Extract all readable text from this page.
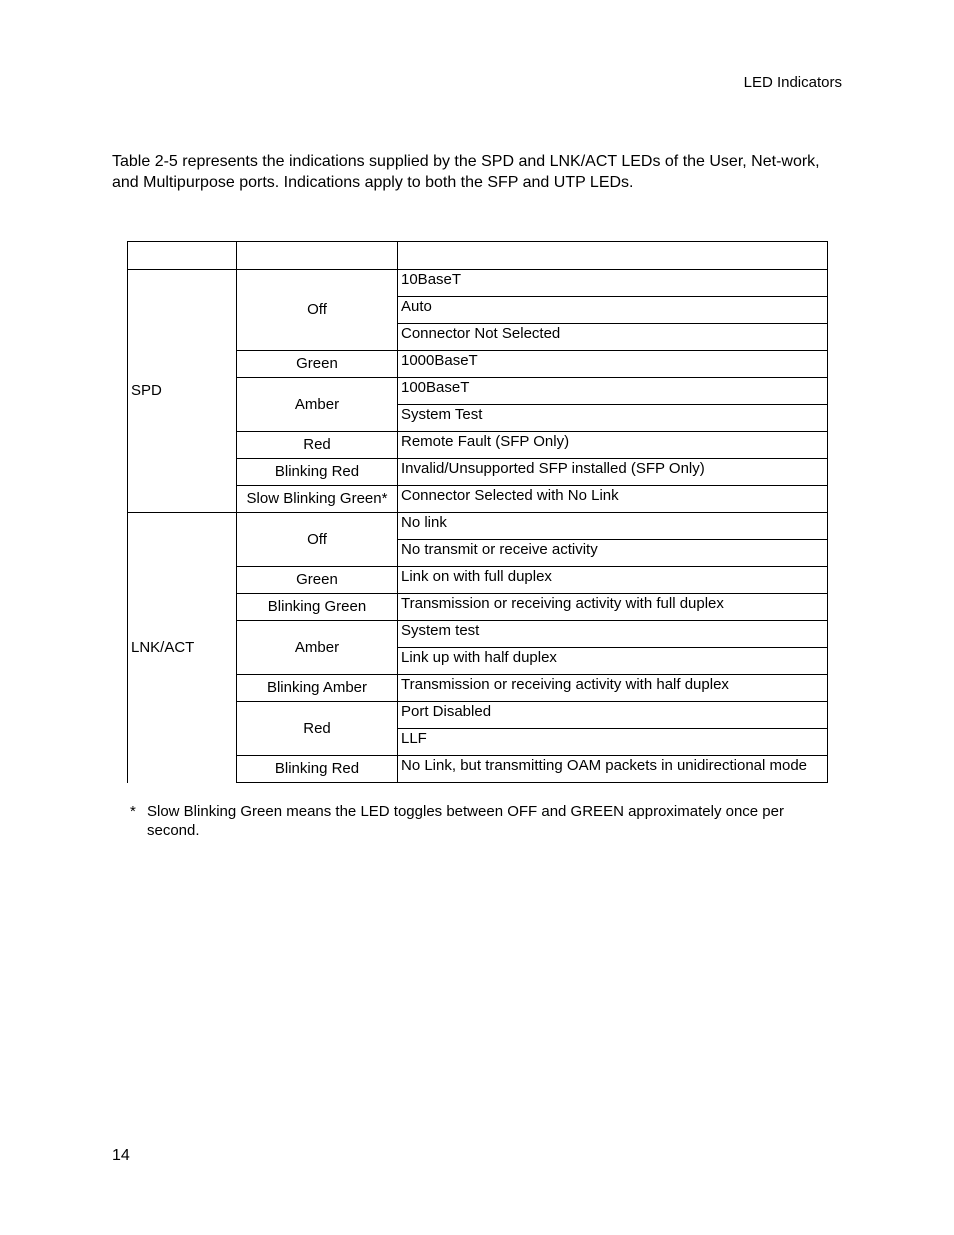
LED Indicators

Table 2-5 represents the indications supplied by the SPD and LNK/ACT LEDs of the User, Net-work, and Multipurpose ports. Indications apply to both the SFP and UTP LEDs.

SPD	Off	10BaseT
		Auto
		Connector Not Selected
	Green	1000BaseT
	Amber	100BaseT
		System Test
	Red	Remote Fault (SFP Only)
	Blinking Red	Invalid/Unsupported SFP installed (SFP Only)
	Slow Blinking Green*	Connector Selected with No Link
LNK/ACT	Off	No link
		No transmit or receive activity
	Green	Link on with full duplex
	Blinking Green	Transmission or receiving activity with full duplex
	Amber	System test
		Link up with half duplex
	Blinking Amber	Transmission or receiving activity with half duplex
	Red	Port Disabled
		LLF
	Blinking Red	No Link, but transmitting OAM packets in unidirectional mode
* Slow Blinking Green means the LED toggles between OFF and GREEN approximately once per second.
14
